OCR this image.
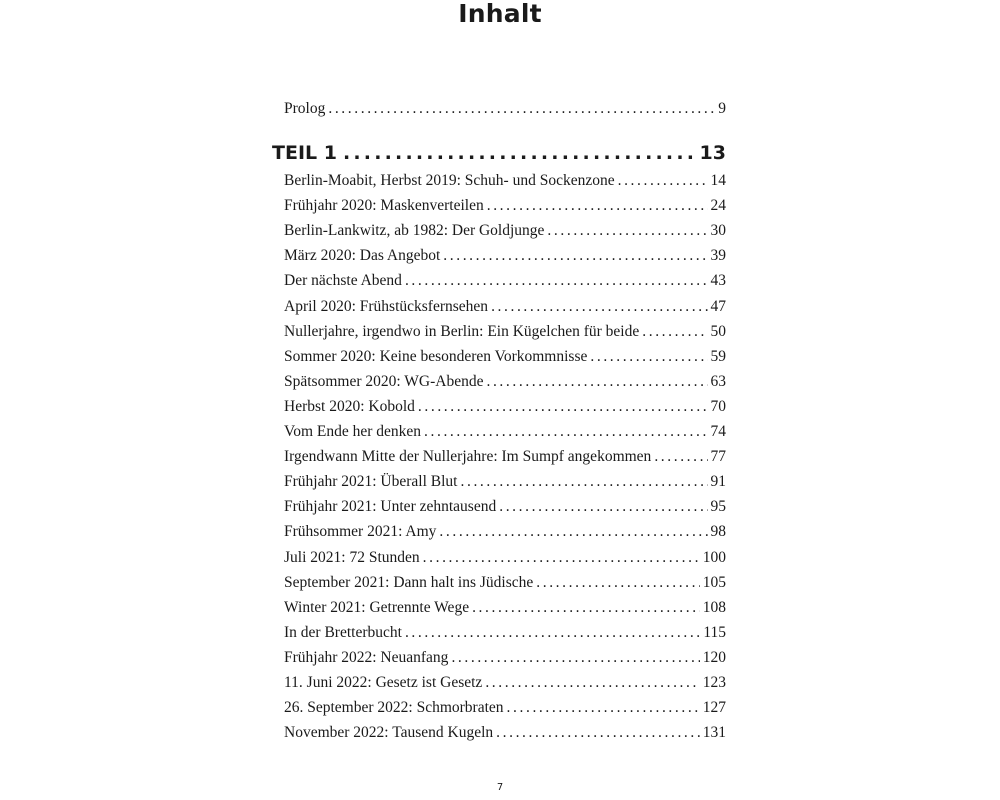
Inhalt
Prolog .....	9
TEIL 1 .....	13
Berlin-Moabit, Herbst 2019: Schuh- und Sockenzone .....	14
Frühjahr 2020: Maskenverteilen .....	24
Berlin-Lankwitz, ab 1982: Der Goldjunge .....	30
März 2020: Das Angebot .....	39
Der nächste Abend .....	43
April 2020: Frühstücksfernsehen .....	47
Nullerjahre, irgendwo in Berlin: Ein Kügelchen für beide .....	50
Sommer 2020: Keine besonderen Vorkommnisse .....	59
Spätsommer 2020: WG-Abende .....	63
Herbst 2020: Kobold .....	70
Vom Ende her denken .....	74
Irgendwann Mitte der Nullerjahre: Im Sumpf angekommen .....	77
Frühjahr 2021: Überall Blut .....	91
Frühjahr 2021: Unter zehntausend .....	95
Frühsommer 2021: Amy .....	98
Juli 2021: 72 Stunden .....	100
September 2021: Dann halt ins Jüdische .....	105
Winter 2021: Getrennte Wege .....	108
In der Bretterbucht .....	115
Frühjahr 2022: Neuanfang .....	120
11. Juni 2022: Gesetz ist Gesetz .....	123
26. September 2022: Schmorbraten .....	127
November 2022: Tausend Kugeln .....	131
7
